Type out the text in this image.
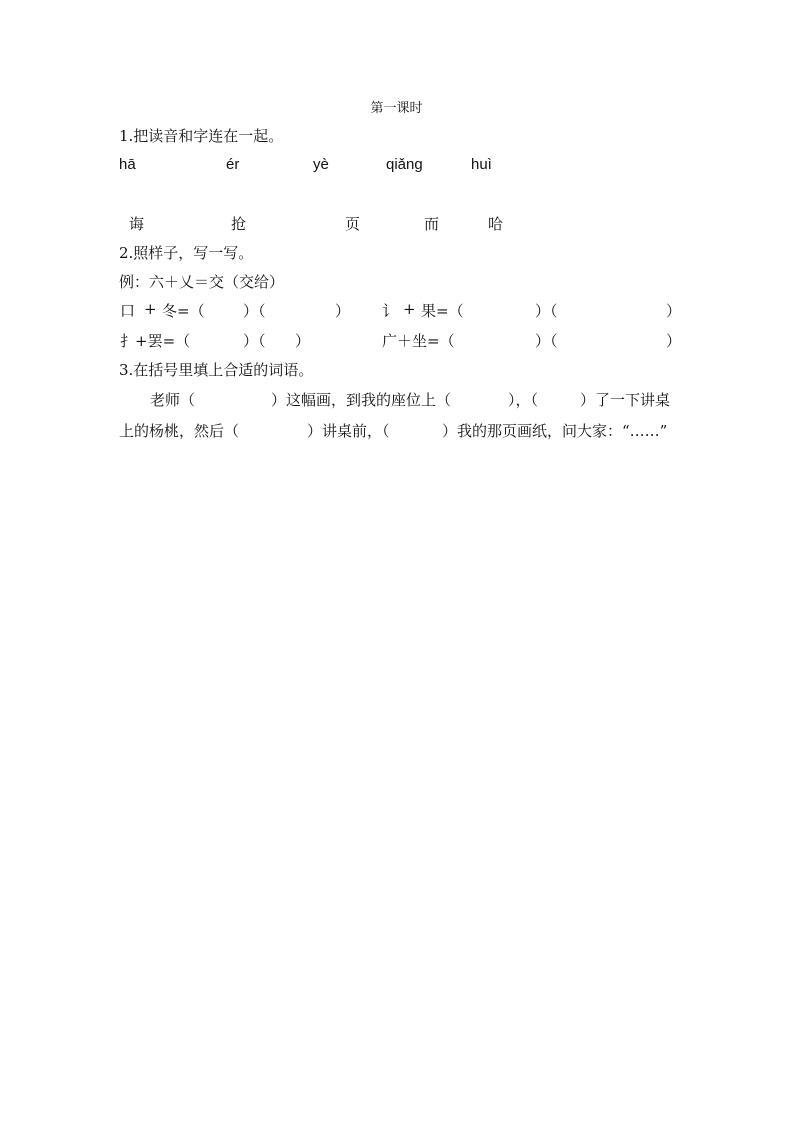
第一课时
1.把读音和字连在一起。
hā	ér	yè	qiǎng	huì
诲	抢	页	而	哈
2.照样子，写一写。
例：六＋乂＝交（交给）
口 + 冬=（	）（	） 讠 + 果=（	）（	）
扌+罢=（	）（ ）	广＋坐=（	）（	）
3.在括号里填上合适的词语。
老师（	）这幅画，到我的座位上（	），（	）了一下讲桌
上的杨桃，然后（	）讲桌前，（	）我的那页画纸，问大家：“……”
